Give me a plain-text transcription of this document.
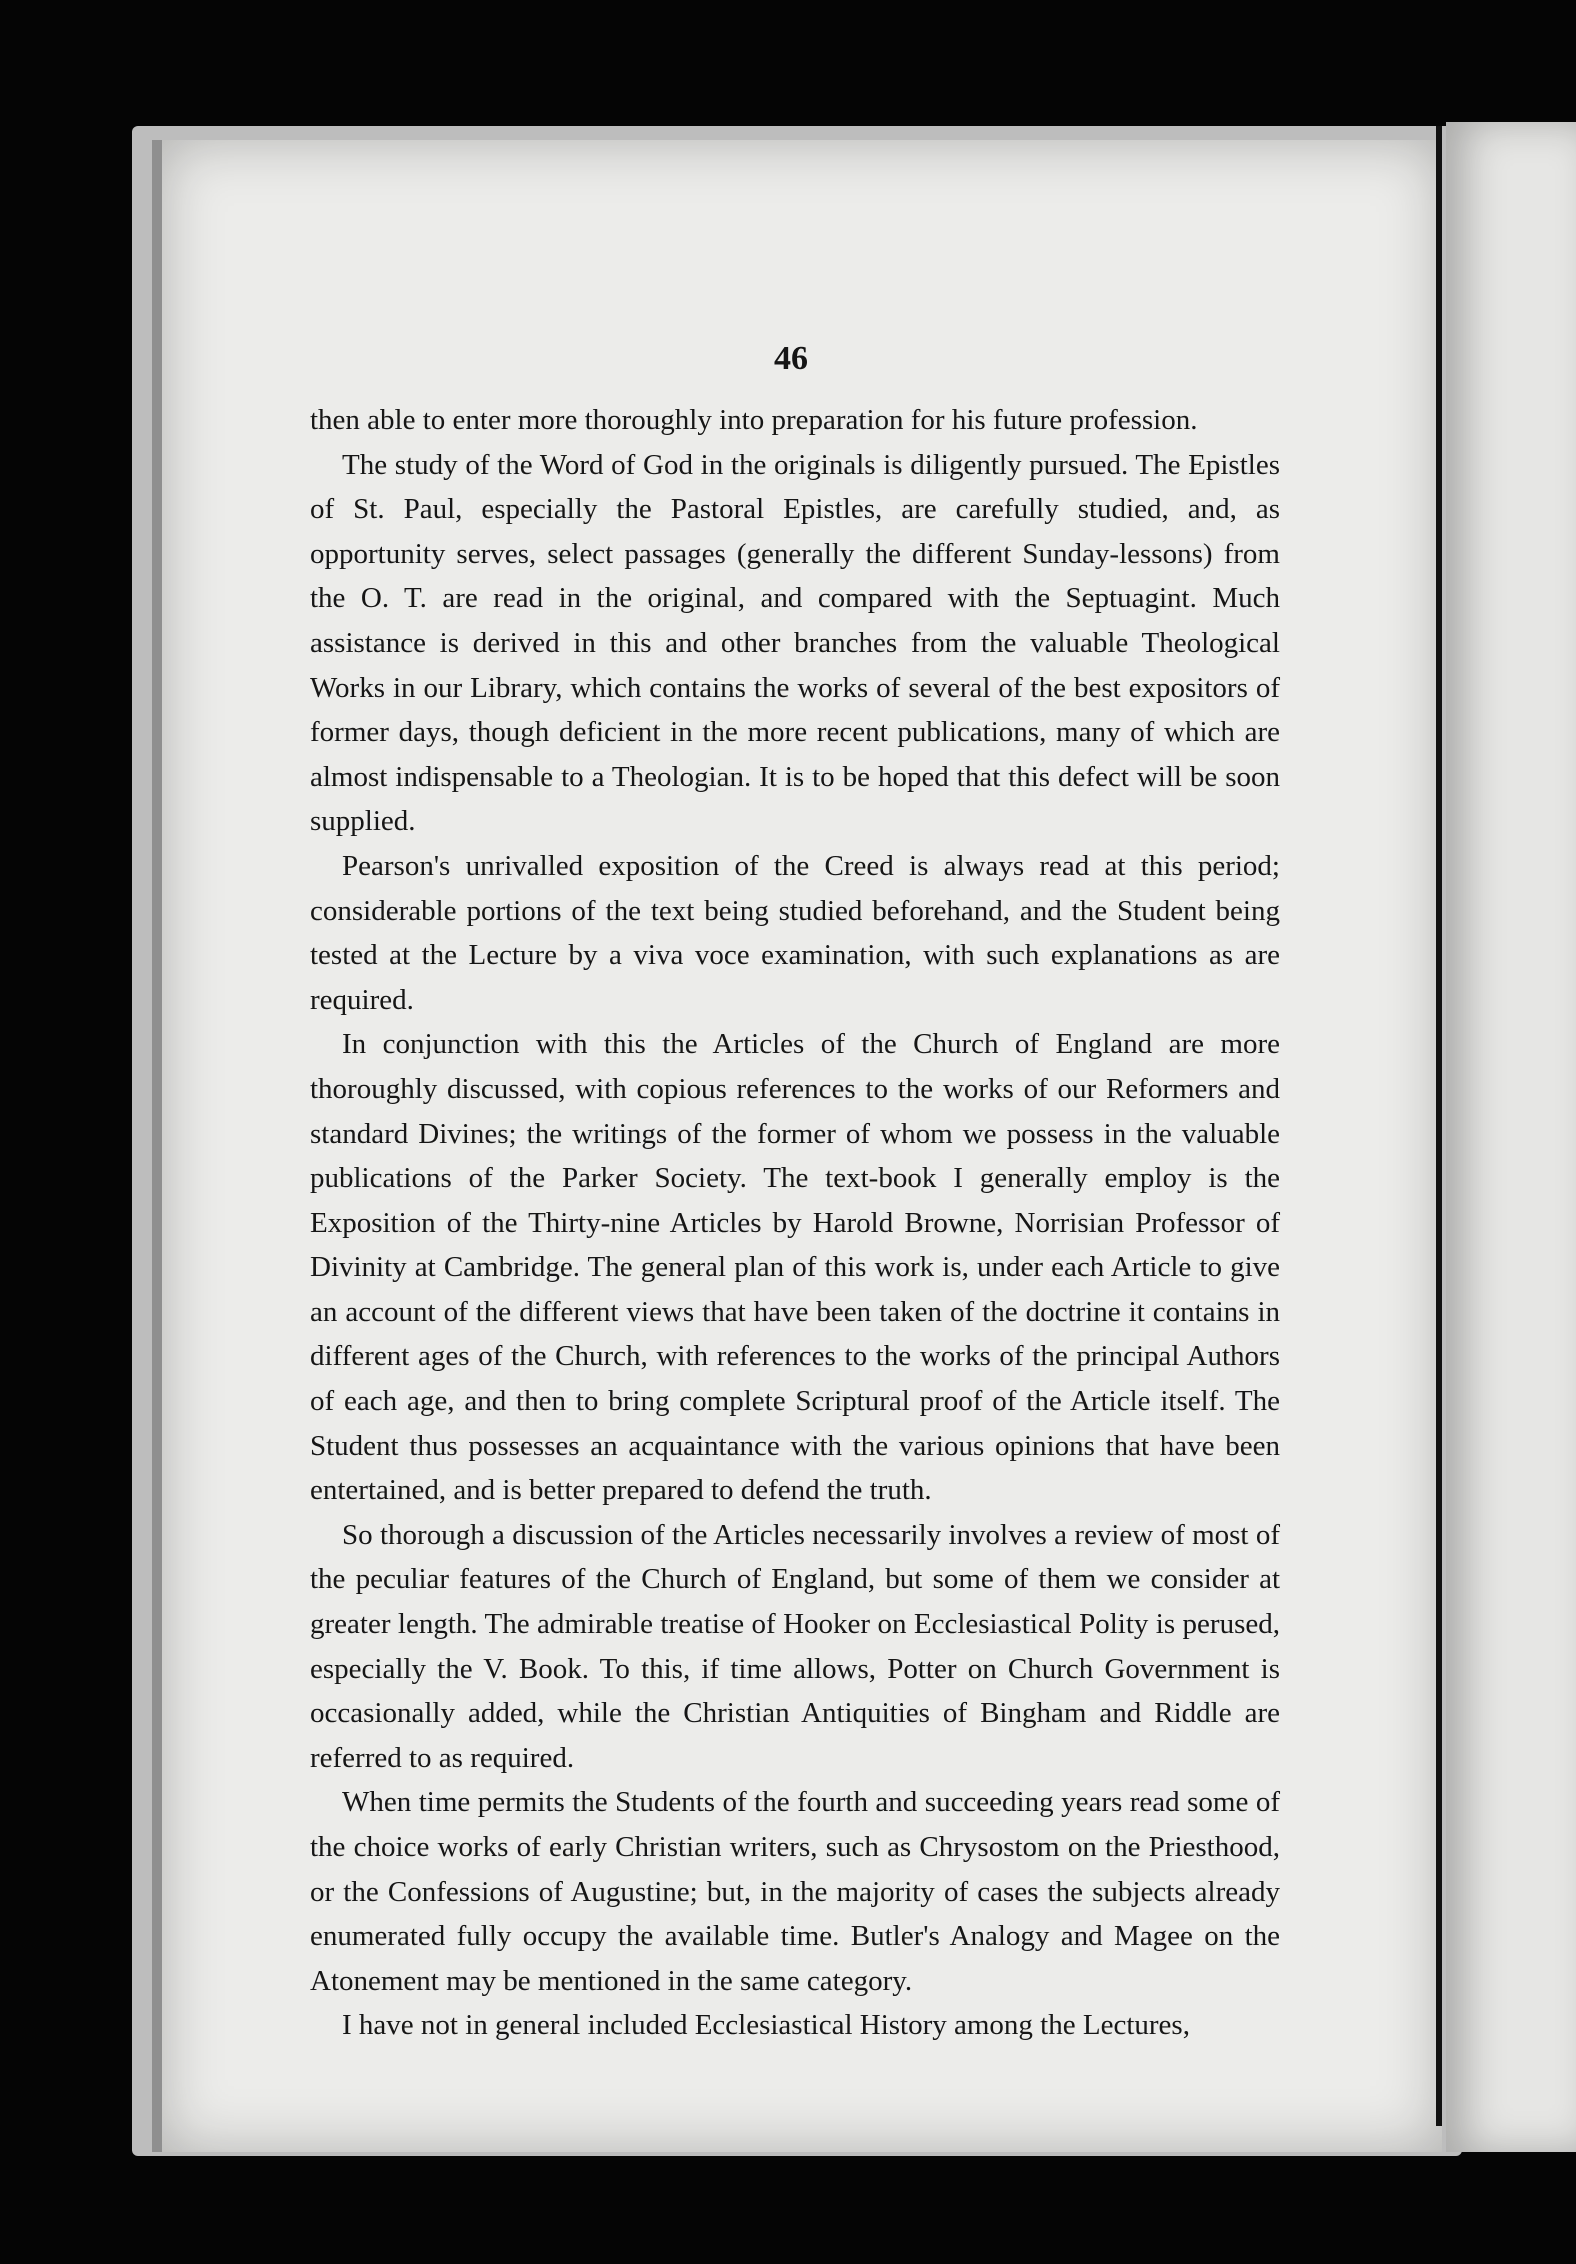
46

then able to enter more thoroughly into preparation for his future profession.

The study of the Word of God in the originals is diligently pursued. The Epistles of St. Paul, especially the Pastoral Epistles, are carefully studied, and, as opportunity serves, select passages (generally the different Sunday-lessons) from the O. T. are read in the original, and compared with the Septuagint. Much assistance is derived in this and other branches from the valuable Theological Works in our Library, which contains the works of several of the best expositors of former days, though deficient in the more recent publications, many of which are almost indispensable to a Theologian. It is to be hoped that this defect will be soon supplied.

Pearson's unrivalled exposition of the Creed is always read at this period; considerable portions of the text being studied beforehand, and the Student being tested at the Lecture by a viva voce examination, with such explanations as are required.

In conjunction with this the Articles of the Church of England are more thoroughly discussed, with copious references to the works of our Reformers and standard Divines; the writings of the former of whom we possess in the valuable publications of the Parker Society. The text-book I generally employ is the Exposition of the Thirty-nine Articles by Harold Browne, Norrisian Professor of Divinity at Cambridge. The general plan of this work is, under each Article to give an account of the different views that have been taken of the doctrine it contains in different ages of the Church, with references to the works of the principal Authors of each age, and then to bring complete Scriptural proof of the Article itself. The Student thus possesses an acquaintance with the various opinions that have been entertained, and is better prepared to defend the truth.

So thorough a discussion of the Articles necessarily involves a review of most of the peculiar features of the Church of England, but some of them we consider at greater length. The admirable treatise of Hooker on Ecclesiastical Polity is perused, especially the V. Book. To this, if time allows, Potter on Church Government is occasionally added, while the Christian Antiquities of Bingham and Riddle are referred to as required.

When time permits the Students of the fourth and succeeding years read some of the choice works of early Christian writers, such as Chrysostom on the Priesthood, or the Confessions of Augustine; but, in the majority of cases the subjects already enumerated fully occupy the available time. Butler's Analogy and Magee on the Atonement may be mentioned in the same category.

I have not in general included Ecclesiastical History among the Lectures,
